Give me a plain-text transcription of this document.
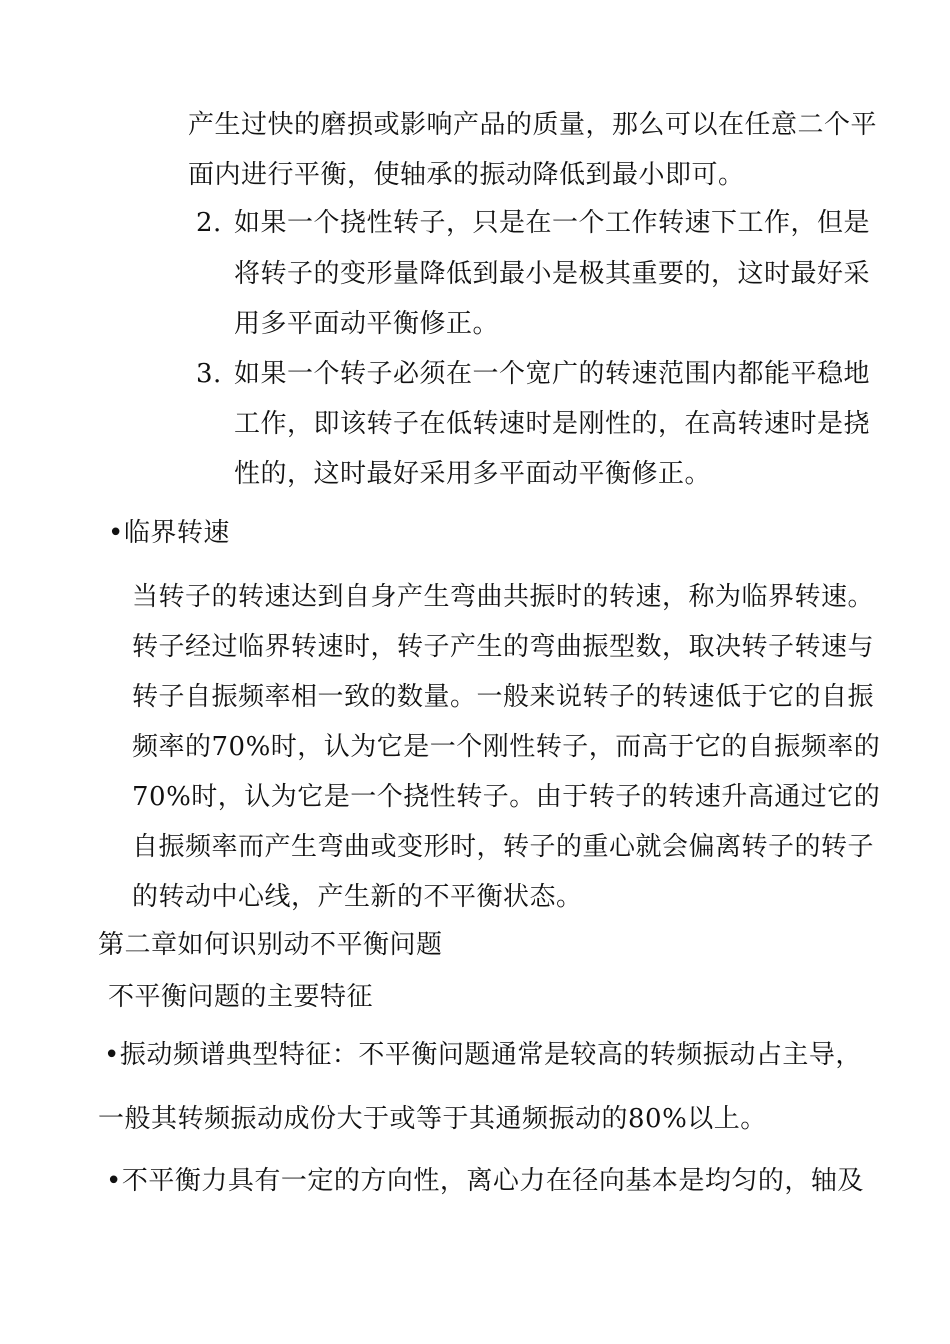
产生过快的磨损或影响产品的质量，那么可以在任意二个平
面内进行平衡，使轴承的振动降低到最小即可。
2. 如果一个挠性转子，只是在一个工作转速下工作，但是
将转子的变形量降低到最小是极其重要的，这时最好采
用多平面动平衡修正。
3. 如果一个转子必须在一个宽广的转速范围内都能平稳地
工作，即该转子在低转速时是刚性的，在高转速时是挠
性的，这时最好采用多平面动平衡修正。
•临界转速
当转子的转速达到自身产生弯曲共振时的转速，称为临界转速。
转子经过临界转速时，转子产生的弯曲振型数，取决转子转速与
转子自振频率相一致的数量。一般来说转子的转速低于它的自振
频率的70%时，认为它是一个刚性转子，而高于它的自振频率的
70%时，认为它是一个挠性转子。由于转子的转速升高通过它的
自振频率而产生弯曲或变形时，转子的重心就会偏离转子的转子
的转动中心线，产生新的不平衡状态。
第二章如何识别动不平衡问题
不平衡问题的主要特征
•振动频谱典型特征：不平衡问题通常是较高的转频振动占主导，
一般其转频振动成份大于或等于其通频振动的80%以上。
•不平衡力具有一定的方向性，离心力在径向基本是均匀的，轴及
